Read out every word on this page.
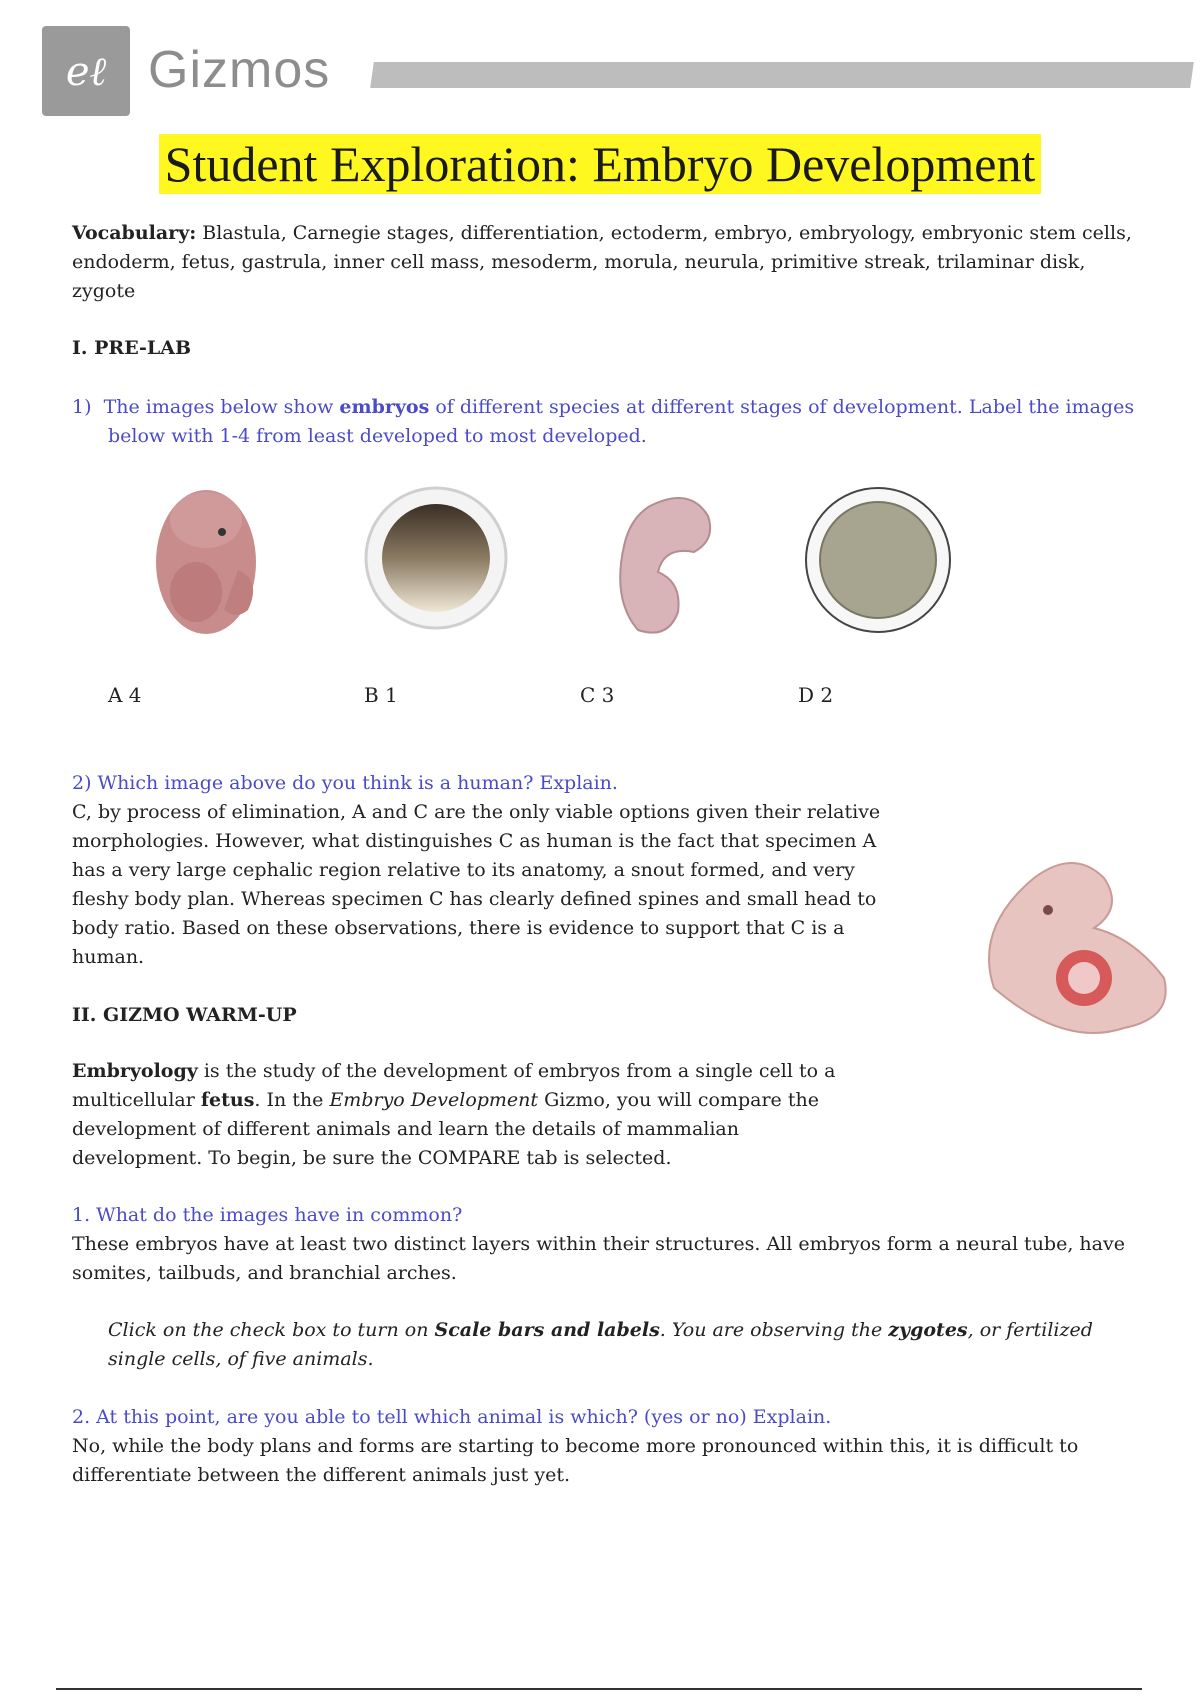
𝑒ℓ Gizmos
Student Exploration: Embryo Development
Vocabulary: Blastula, Carnegie stages, differentiation, ectoderm, embryo, embryology, embryonic stem cells, endoderm, fetus, gastrula, inner cell mass, mesoderm, morula, neurula, primitive streak, trilaminar disk, zygote
I. PRE-LAB
1) The images below show embryos of different species at different stages of development. Label the images below with 1-4 from least developed to most developed.
A 4	B 1	C 3	D 2
2) Which image above do you think is a human? Explain.
C, by process of elimination, A and C are the only viable options given their relative morphologies. However, what distinguishes C as human is the fact that specimen A has a very large cephalic region relative to its anatomy, a snout formed, and very fleshy body plan. Whereas specimen C has clearly defined spines and small head to body ratio. Based on these observations, there is evidence to support that C is a human.
II. GIZMO WARM-UP
Embryology is the study of the development of embryos from a single cell to a multicellular fetus. In the Embryo Development Gizmo, you will compare the development of different animals and learn the details of mammalian development. To begin, be sure the COMPARE tab is selected.
1. What do the images have in common?
These embryos have at least two distinct layers within their structures. All embryos form a neural tube, have somites, tailbuds, and branchial arches.
Click on the check box to turn on Scale bars and labels. You are observing the zygotes, or fertilized single cells, of five animals.
2. At this point, are you able to tell which animal is which? (yes or no) Explain.
No, while the body plans and forms are starting to become more pronounced within this, it is difficult to differentiate between the different animals just yet.
